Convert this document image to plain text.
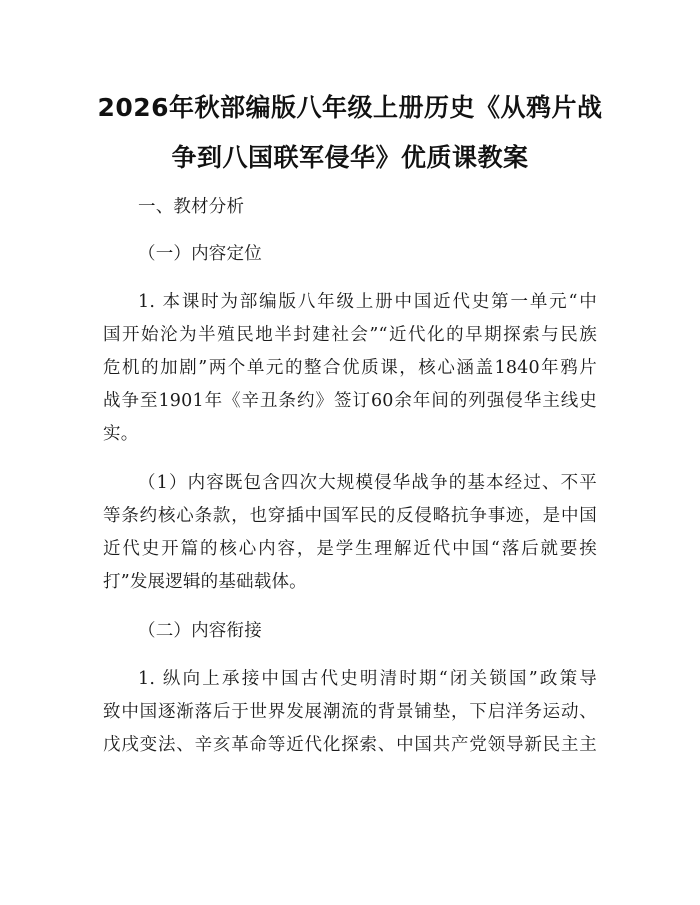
2026年秋部编版八年级上册历史《从鸦片战
争到八国联军侵华》优质课教案
一、教材分析
（一）内容定位
1. 本课时为部编版八年级上册中国近代史第一单元“中
国开始沦为半殖民地半封建社会”“近代化的早期探索与民族
危机的加剧”两个单元的整合优质课，核心涵盖1840年鸦片
战争至1901年《辛丑条约》签订60余年间的列强侵华主线史
实。
（1）内容既包含四次大规模侵华战争的基本经过、不平
等条约核心条款，也穿插中国军民的反侵略抗争事迹，是中国
近代史开篇的核心内容，是学生理解近代中国“落后就要挨
打”发展逻辑的基础载体。
（二）内容衔接
1. 纵向上承接中国古代史明清时期“闭关锁国”政策导
致中国逐渐落后于世界发展潮流的背景铺垫，下启洋务运动、
戊戌变法、辛亥革命等近代化探索、中国共产党领导新民主主
